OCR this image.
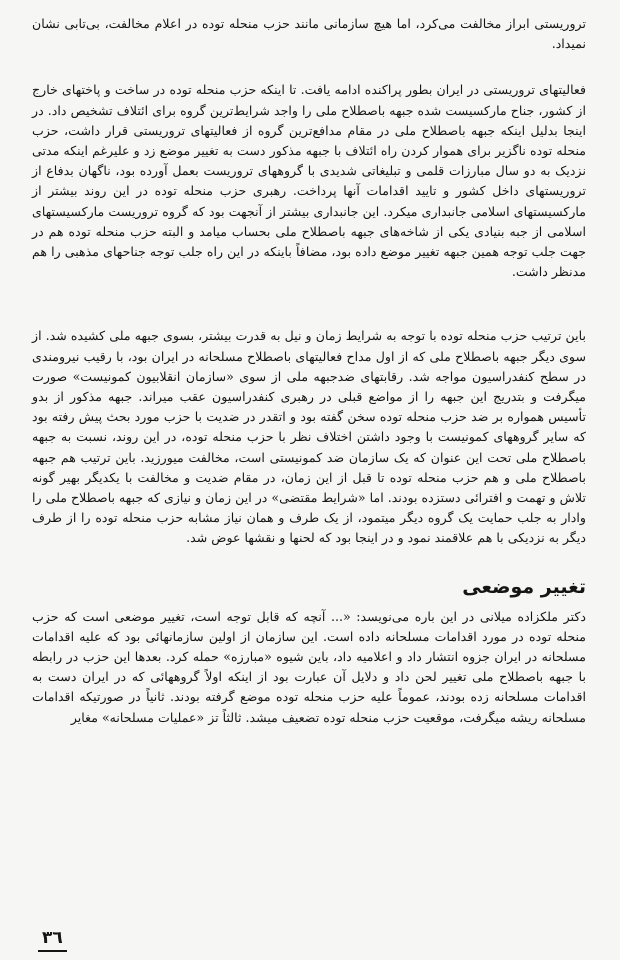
تروریستی ابراز مخالفت می‌کرد، اما هیچ سازمانی مانند حزب منحله توده در اعلام مخالفت، بی‌تابی نشان نمیداد.

فعالیتهای تروریستی در ایران بطور پراکنده ادامه یافت. تا اینکه حزب منحله توده در ساخت و پاختهای خارج از کشور، جناح مارکسیست شده جبهه باصطلاح ملی را واجد شرایط‌ترین گروه برای ائتلاف تشخیص داد. در اینجا بدلیل اینکه جبهه باصطلاح ملی در مقام مدافع‌ترین گروه از فعالیتهای تروریستی قرار داشت، حزب منحله توده ناگزیر برای هموار کردن راه ائتلاف با جبهه مذکور دست به تغییر موضع زد و علیرغم اینکه مدتی نزدیک به دو سال مبارزات قلمی و تبلیغاتی شدیدی با گروههای تروریست بعمل آورده بود، ناگهان بدفاع از تروریستهای داخل کشور و تایید اقدامات آنها پرداخت. رهبری حزب منحله توده در این روند بیشتر از مارکسیستهای اسلامی جانبداری میکرد. این جانبداری بیشتر از آنجهت بود که گروه تروریست مارکسیستهای اسلامی از جبه بنیادی یکی از شاخه‌های جبهه باصطلاح ملی بحساب میامد و البته حزب منحله توده هم در جهت جلب توجه همین جبهه تغییر موضع داده بود، مضافاً باینکه در این راه جلب توجه جناحهای مذهبی را هم مدنظر داشت.

باین ترتیب حزب منحله توده با توجه به شرایط زمان و نیل به قدرت بیشتر، بسوی جبهه ملی کشیده شد. از سوی دیگر جبهه باصطلاح ملی که از اول مداح فعالیتهای باصطلاح مسلحانه در ایران بود، با رقیب نیرومندی در سطح کنفدراسیون مواجه شد. رقابتهای ضدجبهه ملی از سوی «سازمان انقلابیون کمونیست» صورت میگرفت و بتدریج این جبهه را از مواضع قبلی در رهبری کنفدراسیون عقب میراند. جبهه مذکور از بدو تأسیس همواره بر ضد حزب منحله توده سخن گفته بود و اتقدر در ضدیت با حزب مورد بحث پیش رفته بود که سایر گروههای کمونیست با وجود داشتن اختلاف نظر با حزب منحله توده، در این روند، نسبت به جبهه باصطلاح ملی تحت این عنوان که یک سازمان ضد کمونیستی است، مخالفت میورزید. باین ترتیب هم جبهه باصطلاح ملی و هم حزب منحله توده تا قبل از این زمان، در مقام ضدیت و مخالفت با یکدیگر بهیر گونه تلاش و تهمت و افترائی دستزده بودند. اما «شرایط مقتضی» در این زمان و نیازی که جبهه باصطلاح ملی را وادار به جلب حمایت یک گروه دیگر میتمود، از یک طرف و همان نیاز مشابه حزب منحله توده را از طرف دیگر به نزدیکی با هم علاقمند نمود و در اینجا بود که لحنها و نقشها عوض شد.

تغییر موضعی

دکتر ملکزاده میلانی در این باره می‌نویسد: «... آنچه که قابل توجه است، تغییر موضعی است که حزب منحله توده در مورد اقدامات مسلحانه داده است. این سازمان از اولین سازمانهائی بود که علیه اقدامات مسلحانه در ایران جزوه انتشار داد و اعلامیه داد، باین شیوه «مبارزه» حمله کرد. بعدها این حزب در رابطه با جبهه باصطلاح ملی تغییر لحن داد و دلایل آن عبارت بود از اینکه اولاً گروههائی که در ایران دست به اقدامات مسلحانه زده بودند، عموماً علیه حزب منحله توده موضع گرفته بودند. ثانیاً در صورتیکه اقدامات مسلحانه ریشه میگرفت، موقعیت حزب منحله توده تضعیف میشد. ثالثاً تز «عملیات مسلحانه» مغایر

۳٦
